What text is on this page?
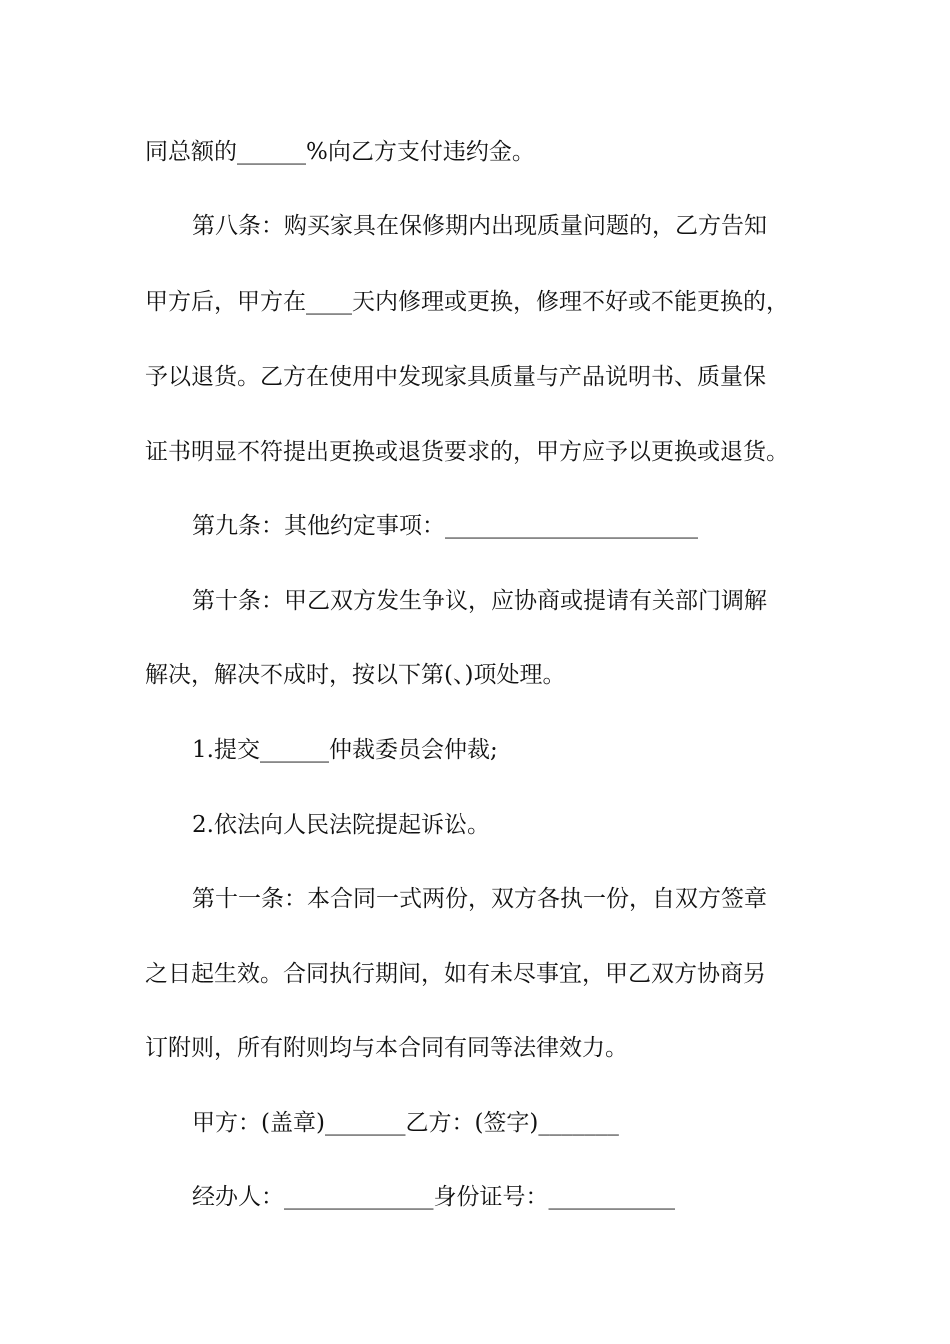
同总额的______%向乙方支付违约金。
第八条：购买家具在保修期内出现质量问题的，乙方告知
甲方后，甲方在____天内修理或更换，修理不好或不能更换的，
予以退货。乙方在使用中发现家具质量与产品说明书、质量保
证书明显不符提出更换或退货要求的，甲方应予以更换或退货。
第九条：其他约定事项：______________________
第十条：甲乙双方发生争议，应协商或提请有关部门调解
解决，解决不成时，按以下第(、)项处理。
1.提交______仲裁委员会仲裁;
2.依法向人民法院提起诉讼。
第十一条：本合同一式两份，双方各执一份，自双方签章
之日起生效。合同执行期间，如有未尽事宜，甲乙双方协商另
订附则，所有附则均与本合同有同等法律效力。
甲方：(盖章)_______乙方：(签字)_______
经办人：_____________身份证号：___________
